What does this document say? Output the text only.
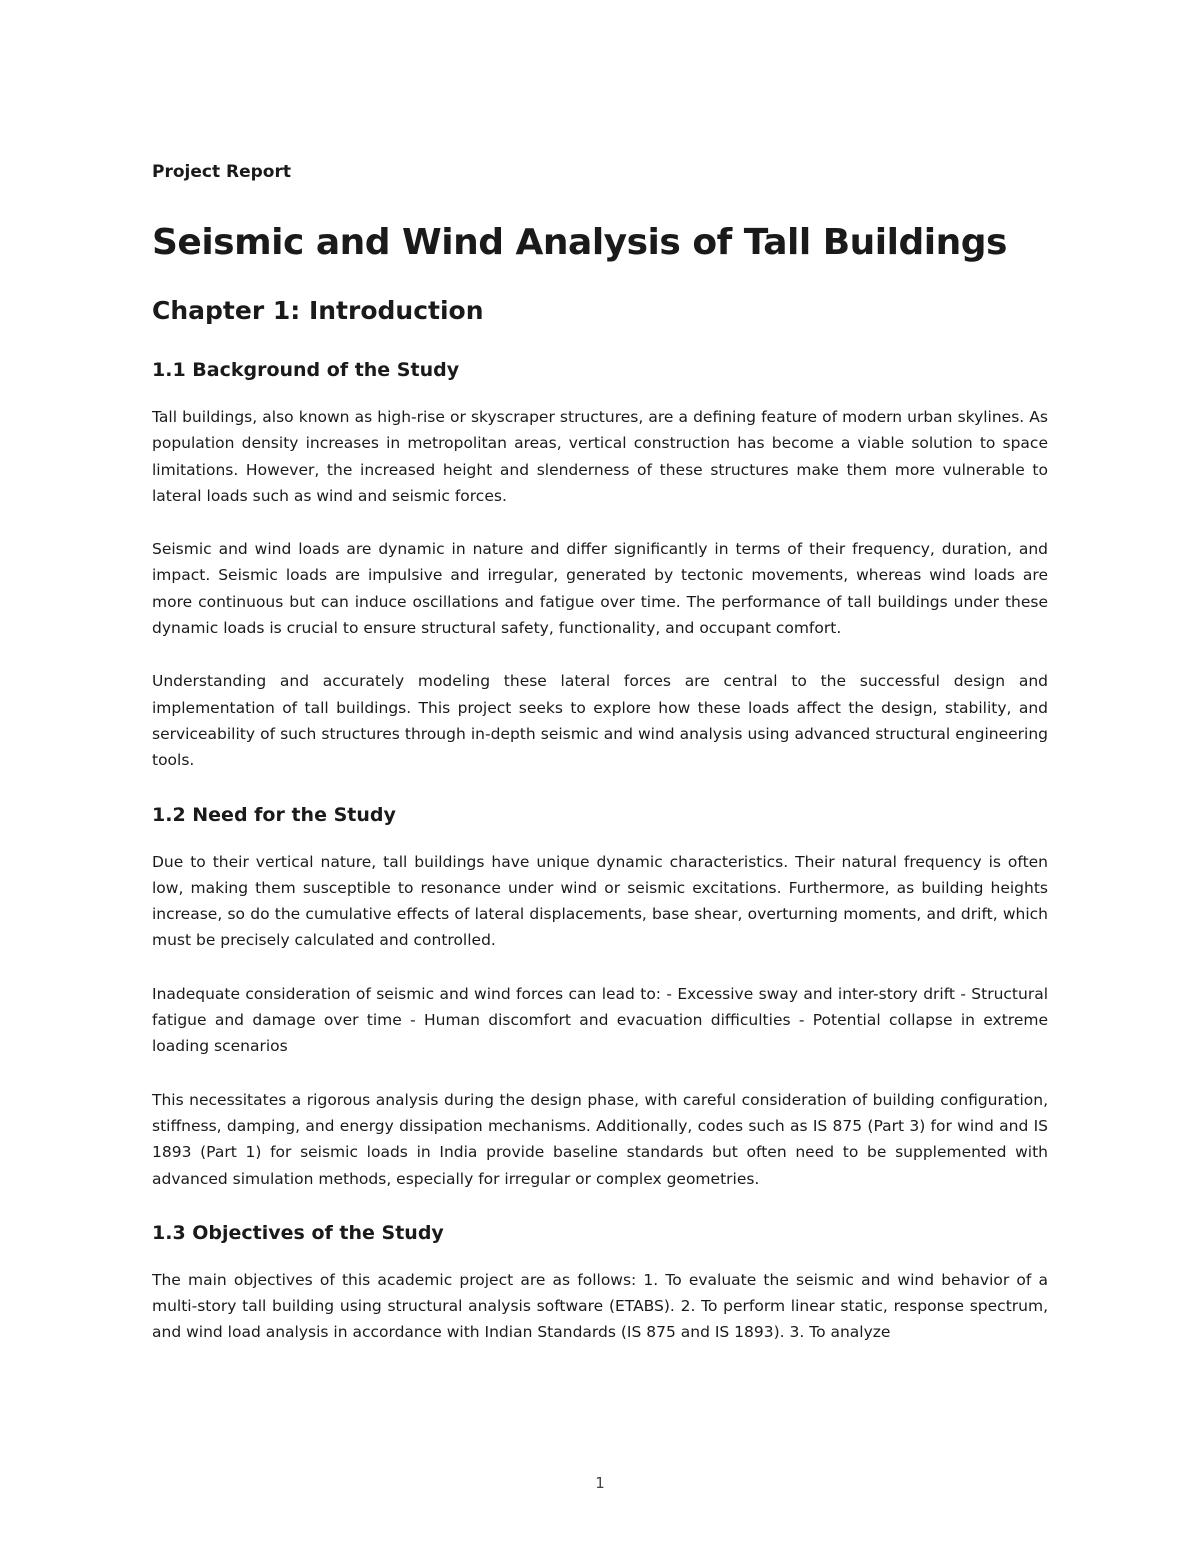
Project Report
Seismic and Wind Analysis of Tall Buildings
Chapter 1: Introduction
1.1 Background of the Study

Tall buildings, also known as high-rise or skyscraper structures, are a defining feature of modern urban skylines. As population density increases in metropolitan areas, vertical construction has become a viable solution to space limitations. However, the increased height and slenderness of these structures make them more vulnerable to lateral loads such as wind and seismic forces.

Seismic and wind loads are dynamic in nature and differ significantly in terms of their frequency, duration, and impact. Seismic loads are impulsive and irregular, generated by tectonic movements, whereas wind loads are more continuous but can induce oscillations and fatigue over time. The performance of tall buildings under these dynamic loads is crucial to ensure structural safety, functionality, and occupant comfort.

Understanding and accurately modeling these lateral forces are central to the successful design and implementation of tall buildings. This project seeks to explore how these loads affect the design, stability, and serviceability of such structures through in-depth seismic and wind analysis using advanced structural engineering tools.

1.2 Need for the Study

Due to their vertical nature, tall buildings have unique dynamic characteristics. Their natural frequency is often low, making them susceptible to resonance under wind or seismic excitations. Furthermore, as building heights increase, so do the cumulative effects of lateral displacements, base shear, overturning moments, and drift, which must be precisely calculated and controlled.

Inadequate consideration of seismic and wind forces can lead to: - Excessive sway and inter-story drift - Structural fatigue and damage over time - Human discomfort and evacuation difficulties - Potential collapse in extreme loading scenarios

This necessitates a rigorous analysis during the design phase, with careful consideration of building configuration, stiffness, damping, and energy dissipation mechanisms. Additionally, codes such as IS 875 (Part 3) for wind and IS 1893 (Part 1) for seismic loads in India provide baseline standards but often need to be supplemented with advanced simulation methods, especially for irregular or complex geometries.

1.3 Objectives of the Study

The main objectives of this academic project are as follows: 1. To evaluate the seismic and wind behavior of a multi-story tall building using structural analysis software (ETABS). 2. To perform linear static, response spectrum, and wind load analysis in accordance with Indian Standards (IS 875 and IS 1893). 3. To analyze

1
